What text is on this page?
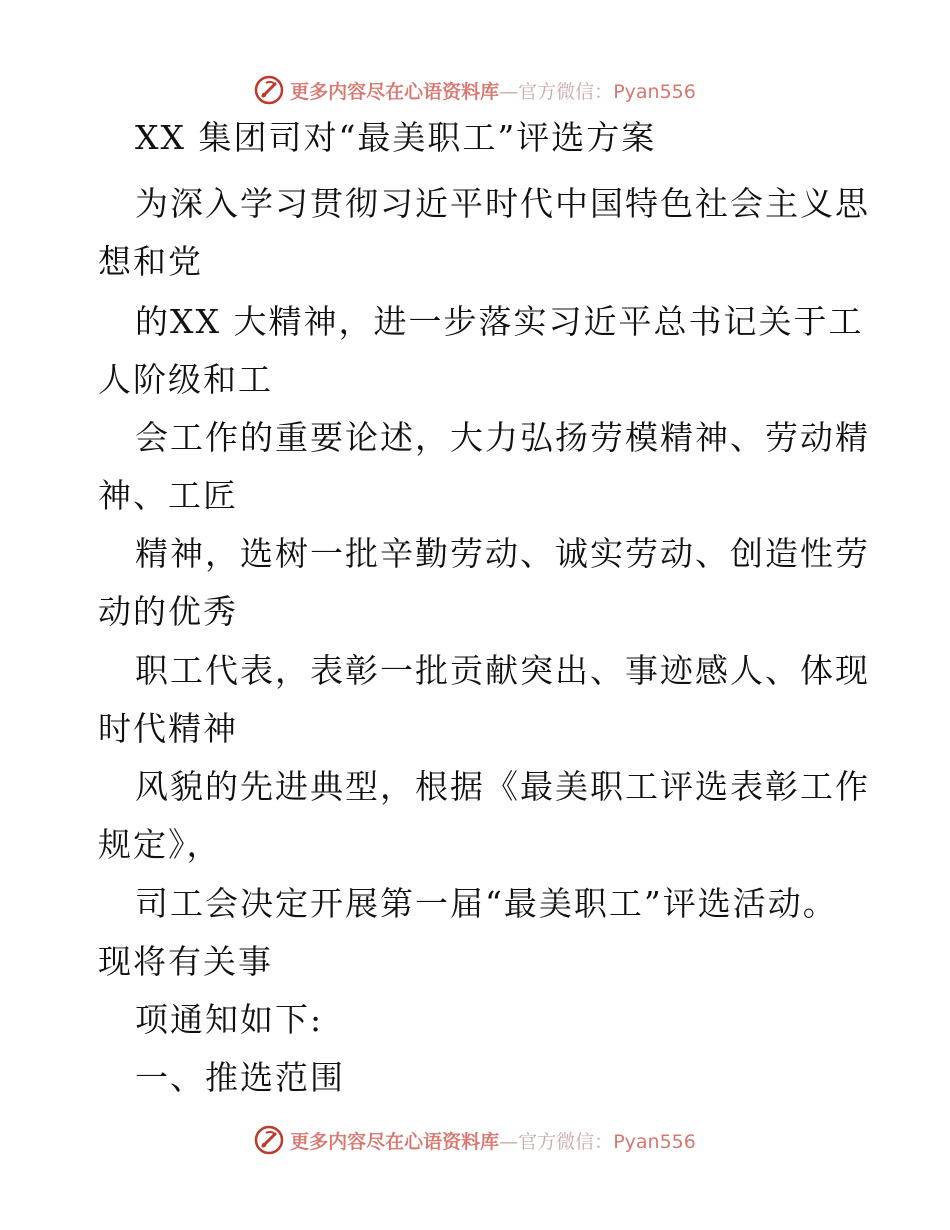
更多内容尽在心语资料库—官方微信：Pyan556
XX 集团司对“最美职工”评选方案
为深入学习贯彻习近平时代中国特色社会主义思
想和党
的XX 大精神，进一步落实习近平总书记关于工
人阶级和工
会工作的重要论述，大力弘扬劳模精神、劳动精
神、工匠
精神，选树一批辛勤劳动、诚实劳动、创造性劳
动的优秀
职工代表，表彰一批贡献突出、事迹感人、体现
时代精神
风貌的先进典型，根据《最美职工评选表彰工作
规定》，
司工会决定开展第一届“最美职工”评选活动。
现将有关事
项通知如下:
一、推选范围
更多内容尽在心语资料库—官方微信：Pyan556
